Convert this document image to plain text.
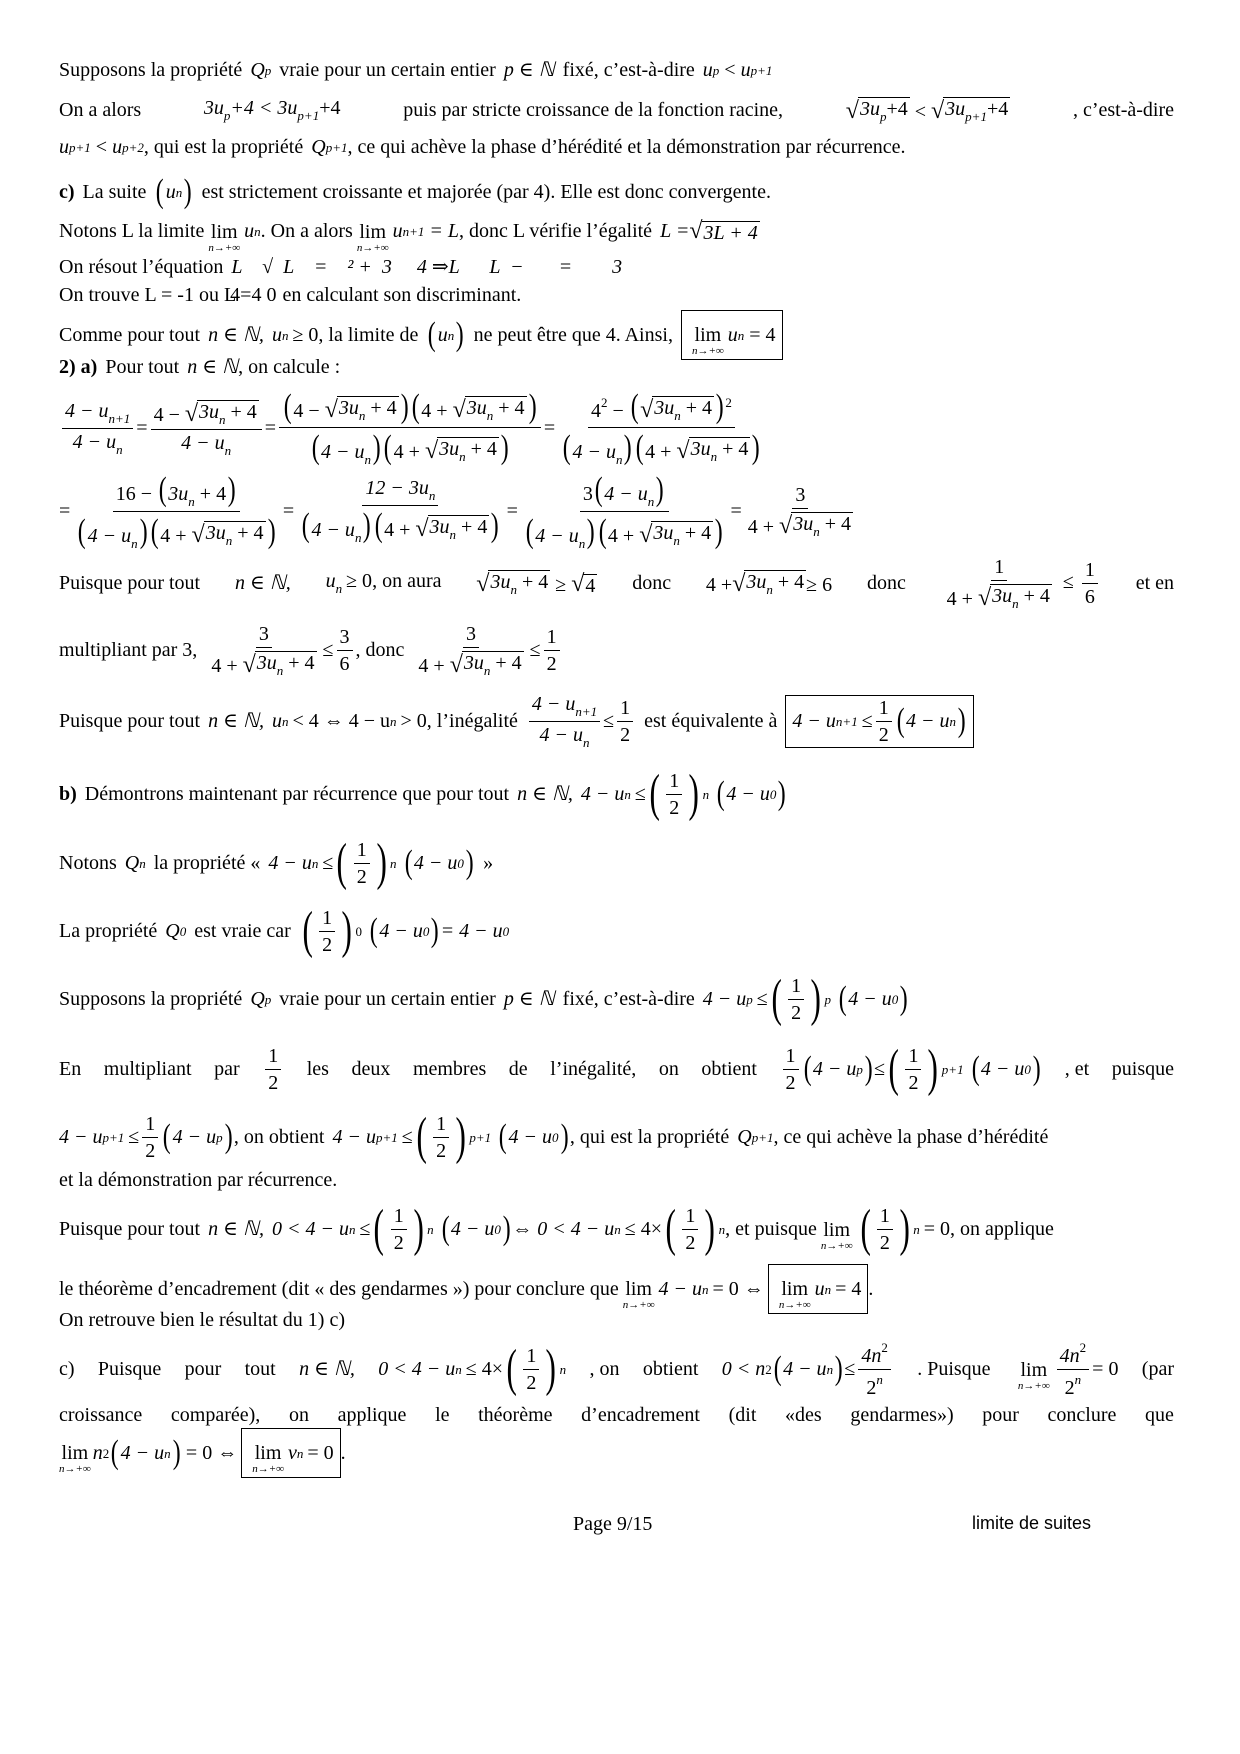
Supposons la propriété Q p vraie pour un certain entier p ∈ ℕ fixé, c’est-à-dire u p < u p+1
On a alors	$3u_p+4 < 3u_{p+1}+4$	puis par stricte croissance de la fonction racine,	√ $3u_p+4$ < √ $3u_{p+1}+4$	, c’est-à-dire
u p+1 < u p+2 , qui est la propriété Q p+1 , ce qui achève la phase d’hérédité et la démonstration par récurrence.
c) La suite ( u n ) est strictement croissante et majorée (par 4). Elle est donc convergente.
Notons L la limite lim
n→+∞
u n . On a alors lim
n→+∞
u n+1 = L , donc L vérifie l’égalité L = √ 3L + 4
On résout l’équation L    √  L    =    ² +  3     4 ⇒L      L  −       =        3
On trouve L = -1 ou L
4=4 0 en calculant son discriminant.
Comme pour tout n ∈ ℕ, u n ≥ 0 , la limite de ( u n ) ne peut être que 4. Ainsi, lim
n→+∞
u n = 4
2) a) Pour tout n ∈ ℕ , on calcule :
$\frac{4 - u_{n+1}}{4 - u_n} = \frac{4 - √ 3u_n + 4}{4 - u_n} = \frac{(4 - √ 3u_n + 4 )(4 + √ 3u_n + 4 )}{(4 - u_n)(4 + √ 3u_n + 4 )} = \frac{4^2 - ( √ 3u_n + 4 ) ^2}{(4 - u_n)(4 + √ 3u_n + 4 )}$
= $\frac{16 - (3u_n + 4)}{(4 - u_n)(4 + √ 3u_n + 4 )} = \frac{12 - 3u_n}{(4 - u_n)(4 + √ 3u_n + 4 )} = \frac{3(4 - u_n)}{(4 - u_n)(4 + √ 3u_n + 4 )} = \frac{3}{4 + √ 3u_n + 4}$
Puisque pour tout n ∈ ℕ, $u_n \ge 0$, on aura √ $3u_n + 4$ ≥ √ 4 donc 4 + √ $3u_n + 4 \ge 6$ donc $\frac{1}{4 + √ 3u_n + 4} \le \frac{1}{6}$ et en
multipliant par 3, $\frac{3}{4 + √ 3u_n + 4} \le \frac{3}{6}$ , donc $\frac{3}{4 + √ 3u_n + 4} \le \frac{1}{2}$
Puisque pour tout n ∈ ℕ, u n < 4 ⇔ 4 − u n > 0 , l’inégalité $\frac{4 - u_{n+1}}{4 - u_n} \le \frac{1}{2}$ est équivalente à 4 − u $n+1 \le \frac{1}{2}$ ( 4 − u n )
b) Démontrons maintenant par récurrence que pour tout n ∈ ℕ, 4 − u n ≤ ( $\frac{1}{2}$ ) n ( 4 − u 0 )
Notons Q n la propriété « 4 − u n ≤ ( $\frac{1}{2}$ ) n ( 4 − u 0 ) »
La propriété Q 0 est vraie car ( $\frac{1}{2}$ ) 0 ( 4 − u 0 ) = 4 − u 0
Supposons la propriété Q p vraie pour un certain entier p ∈ ℕ fixé, c’est-à-dire 4 − u p ≤ ( $\frac{1}{2}$ ) p ( 4 − u 0 )
En multipliant par $\frac{1}{2}$ les deux membres de l’inégalité, on obtient $\frac{1}{2}$ ( 4 − u p ) ≤ ( $\frac{1}{2}$ ) p+1 ( 4 − u 0 ) , et puisque
4 − u $p+1 \le \frac{1}{2}$ ( 4 − u p ) , on obtient 4 − u p+1 ≤ ( $\frac{1}{2}$ ) p+1 ( 4 − u 0 ) , qui est la propriété Q p+1 , ce qui achève la phase d’hérédité
et la démonstration par récurrence.
Puisque pour tout n ∈ ℕ, 0 < 4 − u n ≤ ( $\frac{1}{2}$ ) n ( 4 − u 0 ) ⇔ 0 < 4 − u n ≤ 4× ( $\frac{1}{2}$ ) n , et puisque lim
n→+∞ ( $\frac{1}{2}$ ) n = 0 , on applique
le théorème d’encadrement (dit « des gendarmes ») pour conclure que lim
n→+∞
4 − u n = 0 ⇔ lim
n→+∞
u n = 4 .
On retrouve bien le résultat du 1) c)
c) Puisque pour tout n ∈ ℕ, 0 < 4 − u n ≤ 4× ( $\frac{1}{2}$ ) n , on obtient 0 < n 2 ( 4 − u n ) ≤ $\frac{4n^2}{2^n}$ . Puisque lim
$n\to+\infty \frac{4n^2}{2^n} = 0$ (par
croissance comparée), on applique le théorème d’encadrement (dit «des gendarmes») pour conclure que
lim
n→+∞
n 2 ( 4 − u n ) = 0 ⇔ lim
n→+∞
v n = 0 .
Page 9/15	limite de suites
